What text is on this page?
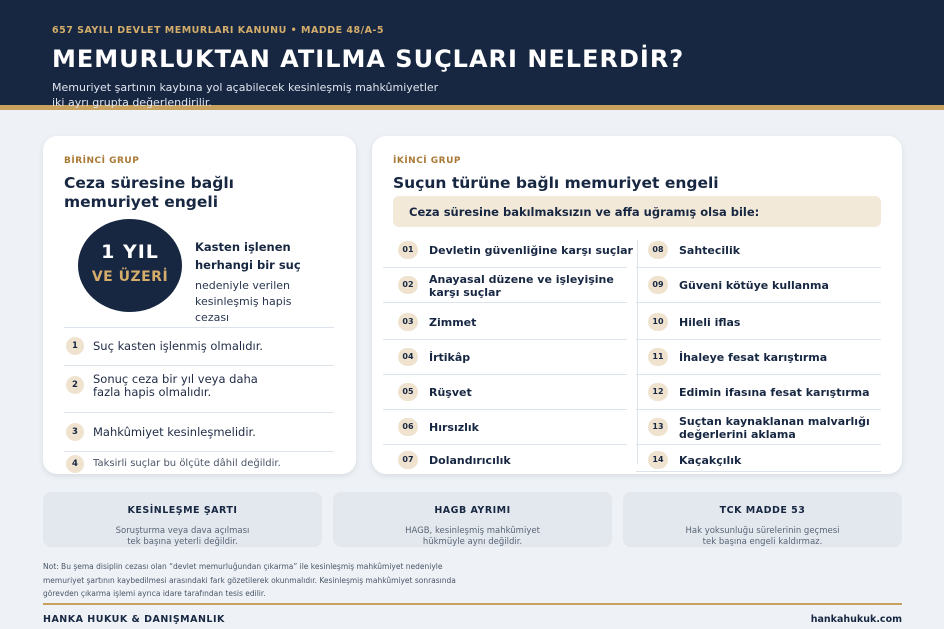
657 SAYILI DEVLET MEMURLARI KANUNU • MADDE 48/A-5
MEMURLUKTAN ATILMA SUÇLARI NELERDİR?
Memuriyet şartının kaybına yol açabilecek kesinleşmiş mahkûmiyetler
iki ayrı grupta değerlendirilir.
BİRİNCİ GRUP
Ceza süresine bağlı
memuriyet engeli
1 YIL
VE ÜZERİ
Kasten işlenen
herhangi bir suç
nedeniyle verilen
kesinleşmiş hapis
cezası
1	Suç kasten işlenmiş olmalıdır.
2	Sonuç ceza bir yıl veya daha
fazla hapis olmalıdır.
3	Mahkûmiyet kesinleşmelidir.
4	Taksirli suçlar bu ölçüte dâhil değildir.
İKİNCİ GRUP
Suçun türüne bağlı memuriyet engeli
Ceza süresine bakılmaksızın ve affa uğramış olsa bile:
01	Devletin güvenliğine karşı suçlar
02	Anayasal düzene ve işleyişine
karşı suçlar
03	Zimmet
04	İrtikâp
05	Rüşvet
06	Hırsızlık
07	Dolandırıcılık
08	Sahtecilik
09	Güveni kötüye kullanma
10	Hileli iflas
11	İhaleye fesat karıştırma
12	Edimin ifasına fesat karıştırma
13	Suçtan kaynaklanan malvarlığı
değerlerini aklama
14	Kaçakçılık
KESİNLEŞME ŞARTI
Soruşturma veya dava açılması
tek başına yeterli değildir.
HAGB AYRIMI
HAGB, kesinleşmiş mahkûmiyet
hükmüyle aynı değildir.
TCK MADDE 53
Hak yoksunluğu sürelerinin geçmesi
tek başına engeli kaldırmaz.
Not: Bu şema disiplin cezası olan “devlet memurluğundan çıkarma” ile kesinleşmiş mahkûmiyet nedeniyle
memuriyet şartının kaybedilmesi arasındaki fark gözetilerek okunmalıdır. Kesinleşmiş mahkûmiyet sonrasında
görevden çıkarma işlemi ayrıca idare tarafından tesis edilir.
HANKA HUKUK & DANIŞMANLIK	hankahukuk.com
